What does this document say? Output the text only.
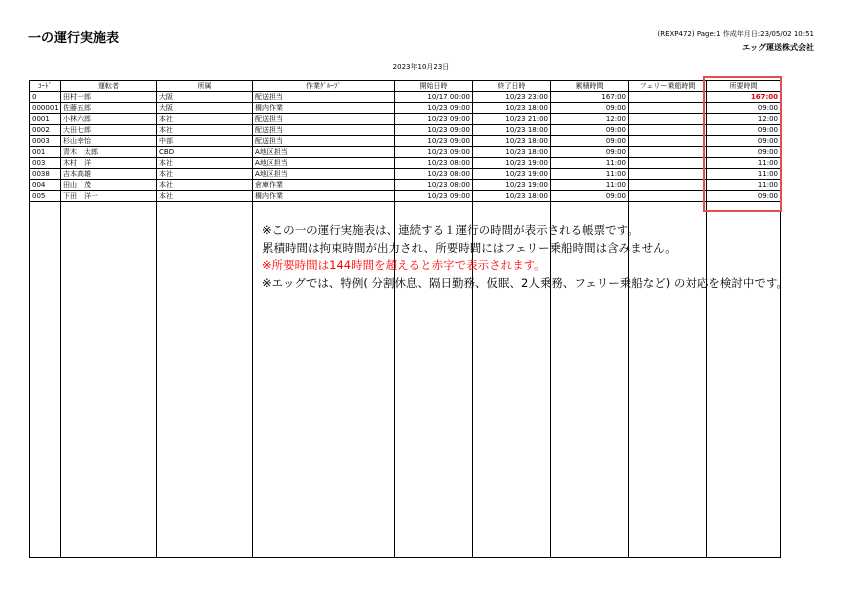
一の運行実施表	(REXP472) Page:1 作成年月日:23/05/02 10:51
エッグ運送株式会社
2023年10月23日
ｺｰﾄﾞ	運転者	所属	作業ｸﾞﾙｰﾌﾟ	開始日時	終了日時	累積時間	フェリー乗船時間	所要時間
0	田村一郎	大阪	配送担当	10/17 00:00	10/23 23:00	167:00		167:00
000001	佐藤五郎	大阪	構内作業	10/23 09:00	10/23 18:00	09:00		09:00
0001	小林六郎	本社	配送担当	10/23 09:00	10/23 21:00	12:00		12:00
0002	大田七郎	本社	配送担当	10/23 09:00	10/23 18:00	09:00		09:00
0003	杉山幸怡	中部	配送担当	10/23 09:00	10/23 18:00	09:00		09:00
001	青木　太郎	CBD	A地区担当	10/23 09:00	10/23 18:00	09:00		09:00
003	木村　洋	本社	A地区担当	10/23 08:00	10/23 19:00	11:00		11:00
0038	吉本高雄	本社	A地区担当	10/23 08:00	10/23 19:00	11:00		11:00
004	田山　茂	本社	倉庫作業	10/23 08:00	10/23 19:00	11:00		11:00
005	下田　洋一	本社	構内作業	10/23 09:00	10/23 18:00	09:00		09:00

※この一の運行実施表は、連続する１運行の時間が表示される帳票です。
累積時間は拘束時間が出力され、所要時間にはフェリー乗船時間は含みません。
※所要時間は144時間を超えると赤字で表示されます。
※エッグでは、特例( 分割休息、隔日勤務、仮眠、2人乗務、フェリー乗船など) の対応を検討中です。
